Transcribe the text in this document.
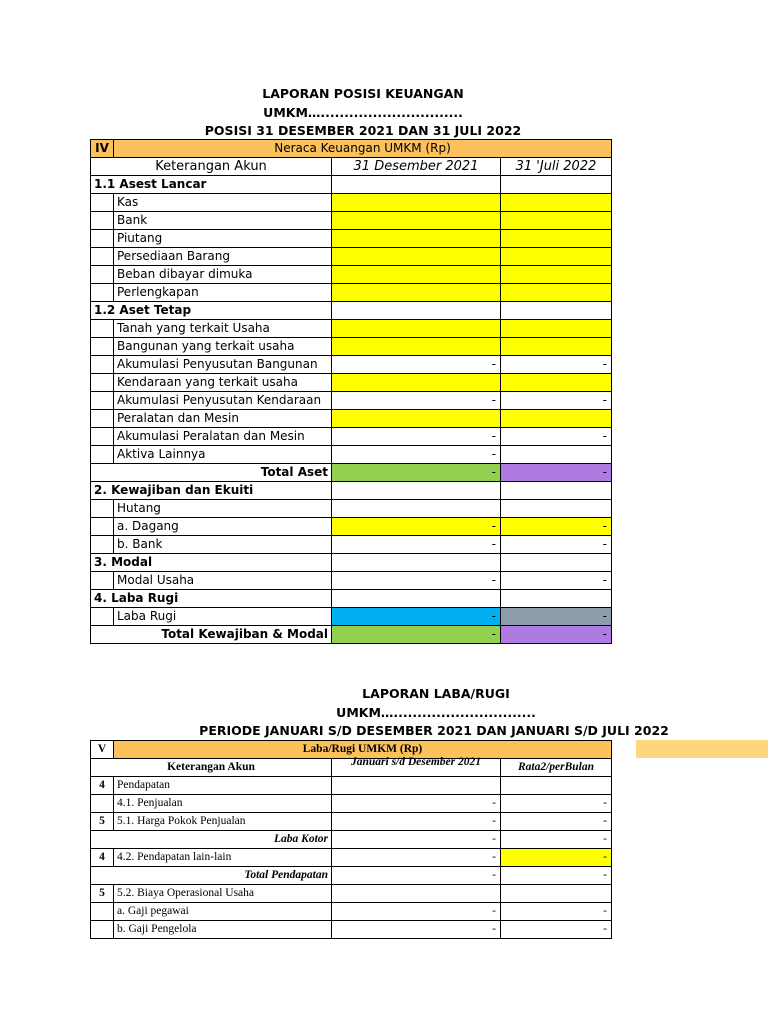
LAPORAN POSISI KEUANGAN
UMKM…..............................
POSISI 31 DESEMBER 2021 DAN 31 JULI 2022
IV	Neraca Keuangan UMKM (Rp)		
Keterangan Akun		31 Desember 2021	31 'Juli 2022
1.1 Asest Lancar			
	Kas		
	Bank		
	Piutang		
	Persediaan Barang		
	Beban dibayar dimuka		
	Perlengkapan		
1.2 Aset Tetap			
	Tanah yang terkait Usaha		
	Bangunan yang terkait usaha		
	Akumulasi Penyusutan Bangunan	-	-
	Kendaraan yang terkait usaha		
	Akumulasi Penyusutan Kendaraan	-	-
	Peralatan dan Mesin		
	Akumulasi Peralatan dan Mesin	-	-
	Aktiva Lainnya	-	
Total Aset		-	-
2. Kewajiban dan Ekuiti			
	Hutang		
	a. Dagang	-	-
	b. Bank	-	-
3. Modal			
	Modal Usaha	-	-
4. Laba Rugi			
	Laba Rugi	-	-
Total Kewajiban & Modal		-	-
LAPORAN LABA/RUGI
UMKM…..............................
PERIODE JANUARI S/D DESEMBER 2021 DAN JANUARI S/D JULI 2022
V	Laba/Rugi UMKM (Rp)		
Keterangan Akun		Januari s/d Desember 2021	Rata2/perBulan
4	Pendapatan		
	4.1. Penjualan	-	-
5	5.1. Harga Pokok Penjualan	-	-
Laba Kotor		-	-
4	4.2. Pendapatan lain-lain	-	-
Total Pendapatan		-	-
5	5.2. Biaya Operasional Usaha		
	a. Gaji pegawai	-	-
	b. Gaji Pengelola	-	-
